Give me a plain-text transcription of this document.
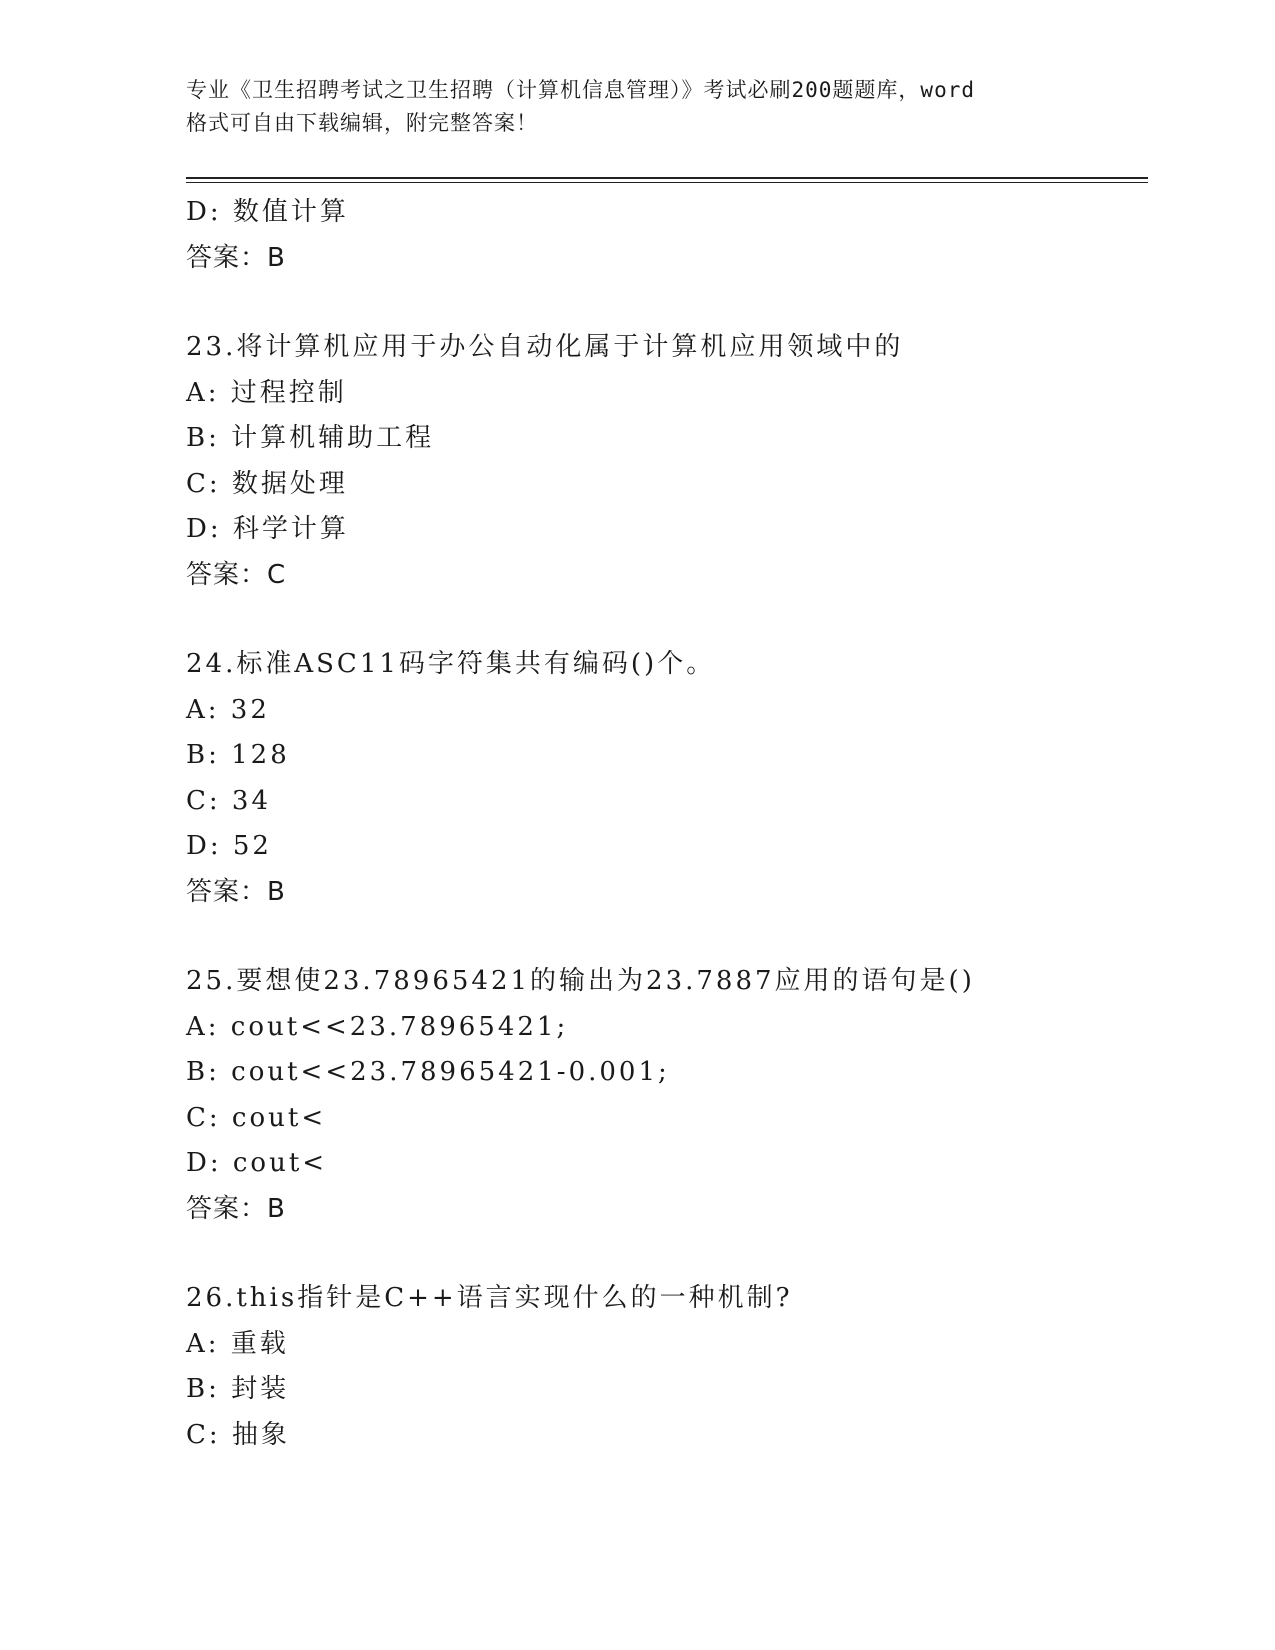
专业《卫生招聘考试之卫生招聘（计算机信息管理）》考试必刷200题题库，word
格式可自由下载编辑，附完整答案！
D: 数值计算
答案：B
23.将计算机应用于办公自动化属于计算机应用领域中的
A: 过程控制
B: 计算机辅助工程
C: 数据处理
D: 科学计算
答案：C
24.标准ASC11码字符集共有编码()个。
A: 32
B: 128
C: 34
D: 52
答案：B
25.要想使23.78965421的输出为23.7887应用的语句是()
A: cout<<23.78965421;
B: cout<<23.78965421-0.001;
C: cout<
D: cout<
答案：B
26.this指针是C++语言实现什么的一种机制?
A: 重载
B: 封装
C: 抽象
